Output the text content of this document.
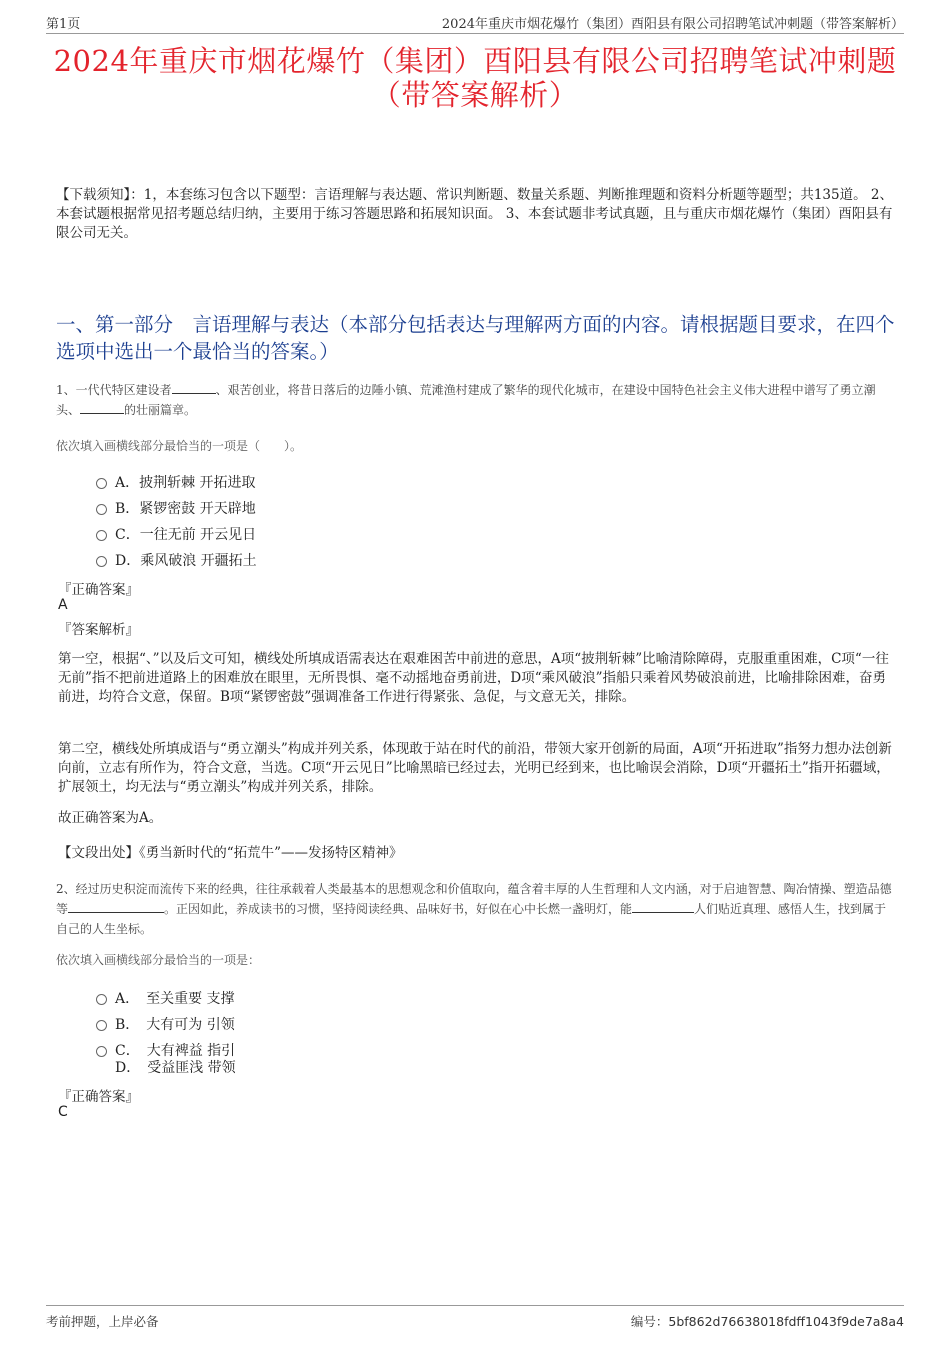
第1页	2024年重庆市烟花爆竹（集团）酉阳县有限公司招聘笔试冲刺题（带答案解析）
2024年重庆市烟花爆竹（集团）酉阳县有限公司招聘笔试冲刺题（带答案解析）
【下载须知】：1，本套练习包含以下题型：言语理解与表达题、常识判断题、数量关系题、判断推理题和资料分析题等题型；共135道。 2、本套试题根据常见招考题总结归纳，主要用于练习答题思路和拓展知识面。 3、本套试题非考试真题，且与重庆市烟花爆竹（集团）酉阳县有限公司无关。
一、第一部分　言语理解与表达（本部分包括表达与理解两方面的内容。请根据题目要求，在四个选项中选出一个最恰当的答案。）
1、一代代特区建设者	、艰苦创业，将昔日落后的边陲小镇、荒滩渔村建成了繁华的现代化城市，在建设中国特色社会主义伟大进程中谱写了勇立潮头、	的壮丽篇章。
依次填入画横线部分最恰当的一项是（　　）。
A．披荆斩棘 开拓进取
B．紧锣密鼓 开天辟地
C．一往无前 开云见日
D．乘风破浪 开疆拓土
『正确答案』
A
『答案解析』
第一空，根据“、”以及后文可知，横线处所填成语需表达在艰难困苦中前进的意思，A项“披荆斩棘”比喻清除障碍，克服重重困难，C项“一往无前”指不把前进道路上的困难放在眼里，无所畏惧、毫不动摇地奋勇前进，D项“乘风破浪”指船只乘着风势破浪前进，比喻排除困难，奋勇前进，均符合文意，保留。B项“紧锣密鼓”强调准备工作进行得紧张、急促，与文意无关，排除。
第二空，横线处所填成语与“勇立潮头”构成并列关系，体现敢于站在时代的前沿，带领大家开创新的局面，A项“开拓进取”指努力想办法创新向前，立志有所作为，符合文意，当选。C项“开云见日”比喻黑暗已经过去，光明已经到来，也比喻误会消除，D项“开疆拓土”指开拓疆域，扩展领土，均无法与“勇立潮头”构成并列关系，排除。
故正确答案为A。
【文段出处】《勇当新时代的“拓荒牛”——发扬特区精神》
2、经过历史积淀而流传下来的经典，往往承载着人类最基本的思想观念和价值取向，蕴含着丰厚的人生哲理和人文内涵，对于启迪智慧、陶冶情操、塑造品德等	。正因如此，养成读书的习惯，坚持阅读经典、品味好书，好似在心中长燃一盏明灯，能	人们贴近真理、感悟人生，找到属于自己的人生坐标。
依次填入画横线部分最恰当的一项是：
A．　至关重要 支撑
B．　大有可为 引领
C．　大有裨益 指引
D．　受益匪浅 带领
『正确答案』
C
考前押题，上岸必备	编号：5bf862d76638018fdff1043f9de7a8a4
